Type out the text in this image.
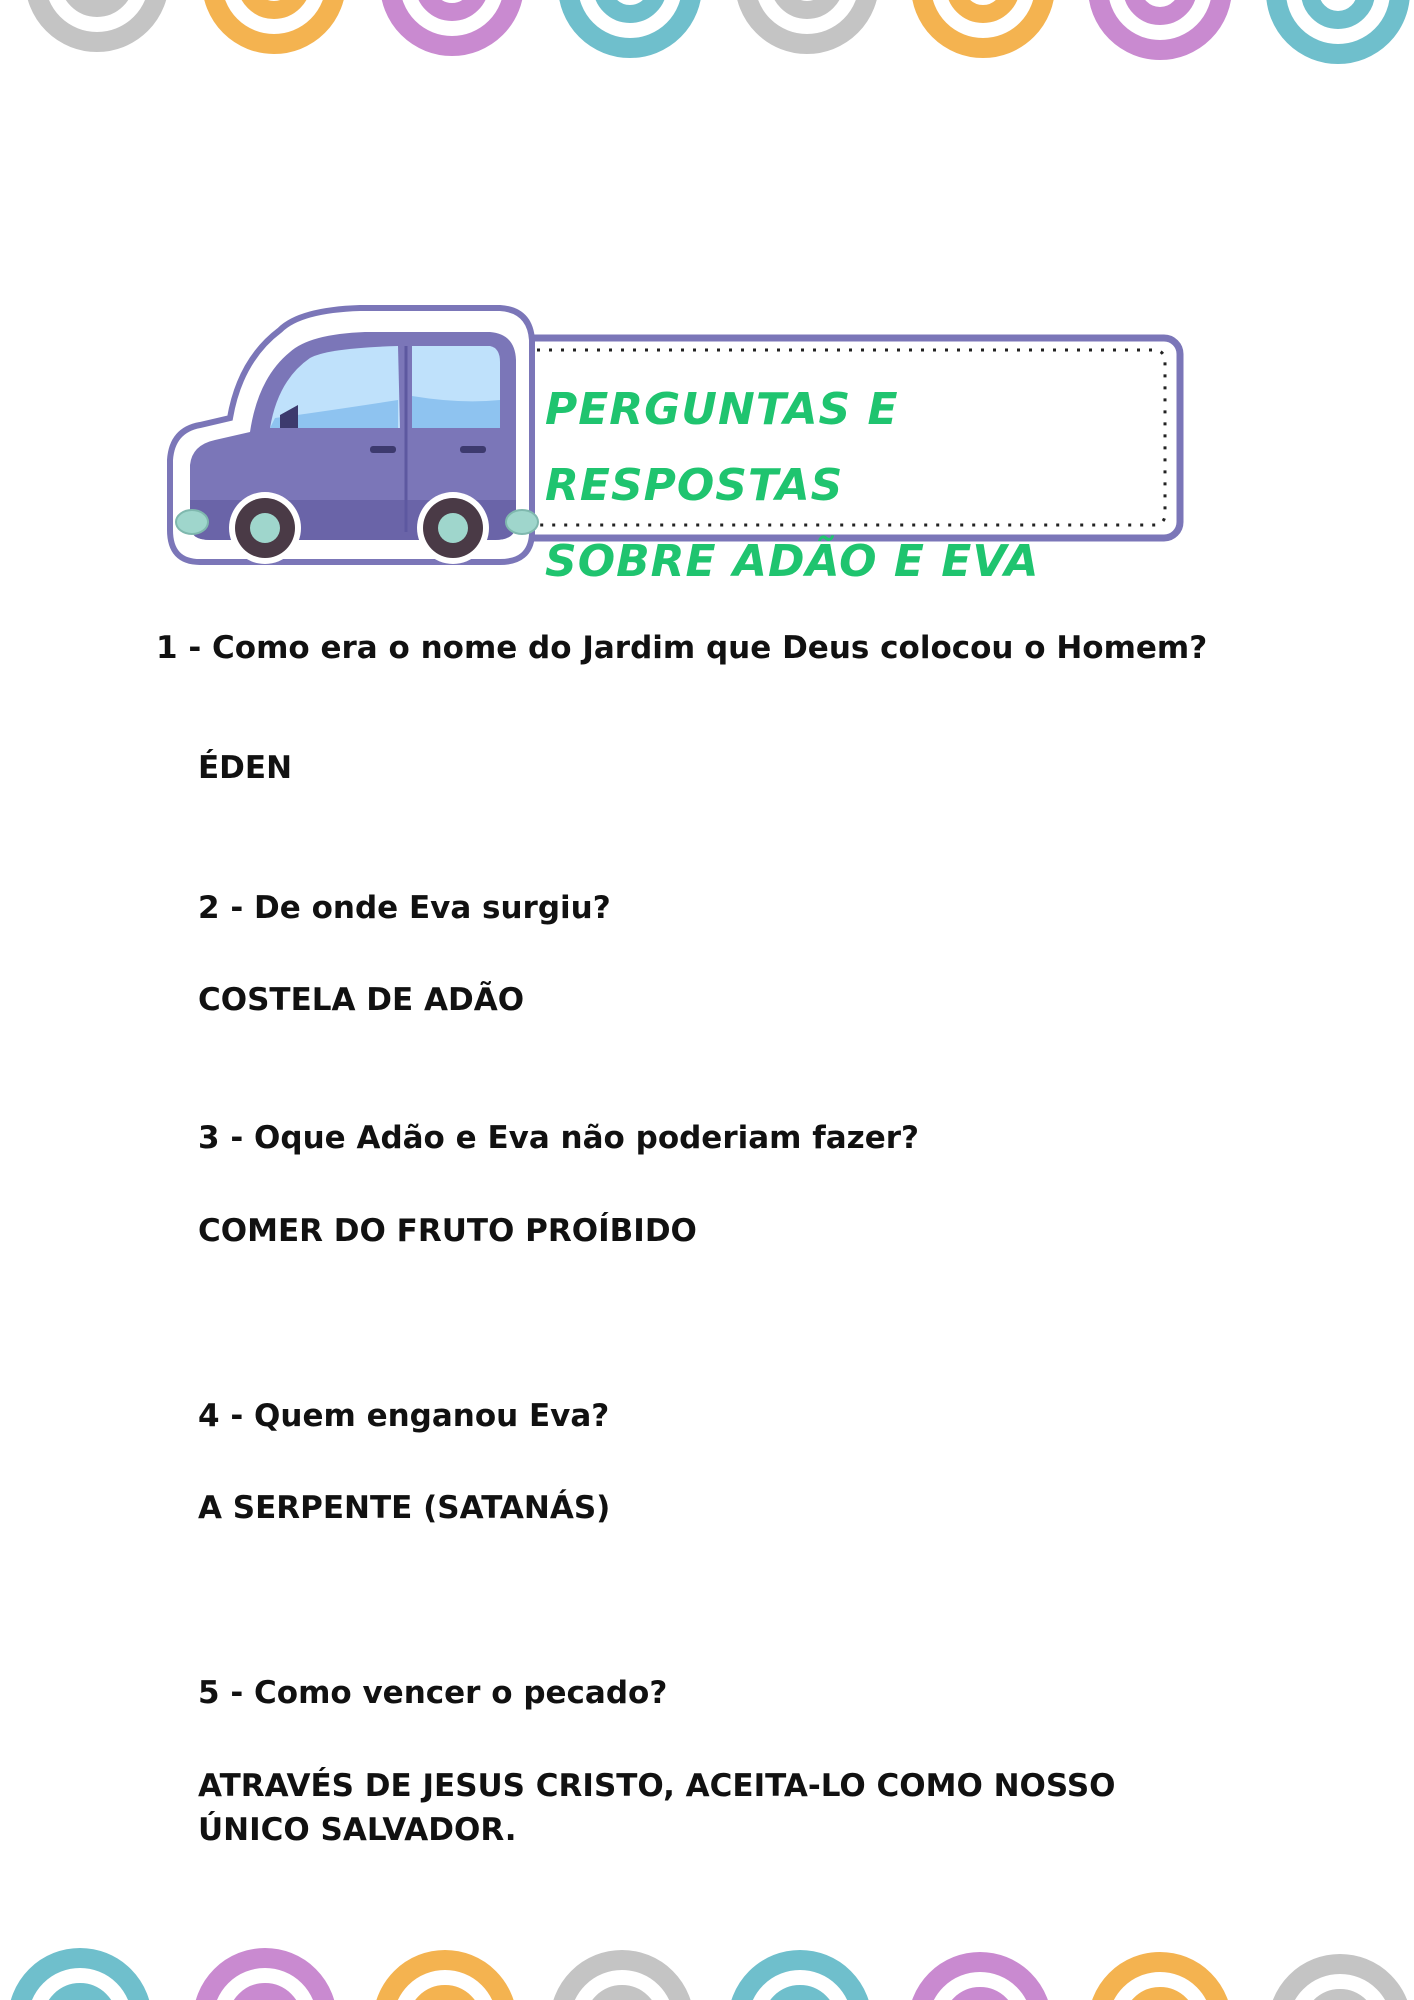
PERGUNTAS E RESPOSTAS
SOBRE ADÃO E EVA

1 - Como era o nome do Jardim que Deus colocou o Homem?

ÉDEN

2 - De onde Eva surgiu?

COSTELA DE ADÃO

3 - Oque Adão e Eva não poderiam fazer?

COMER DO FRUTO PROÍBIDO

4 - Quem enganou Eva?

A SERPENTE (SATANÁS)

5 - Como vencer o pecado?

ATRAVÉS DE JESUS CRISTO, ACEITA-LO COMO NOSSO ÚNICO SALVADOR.
